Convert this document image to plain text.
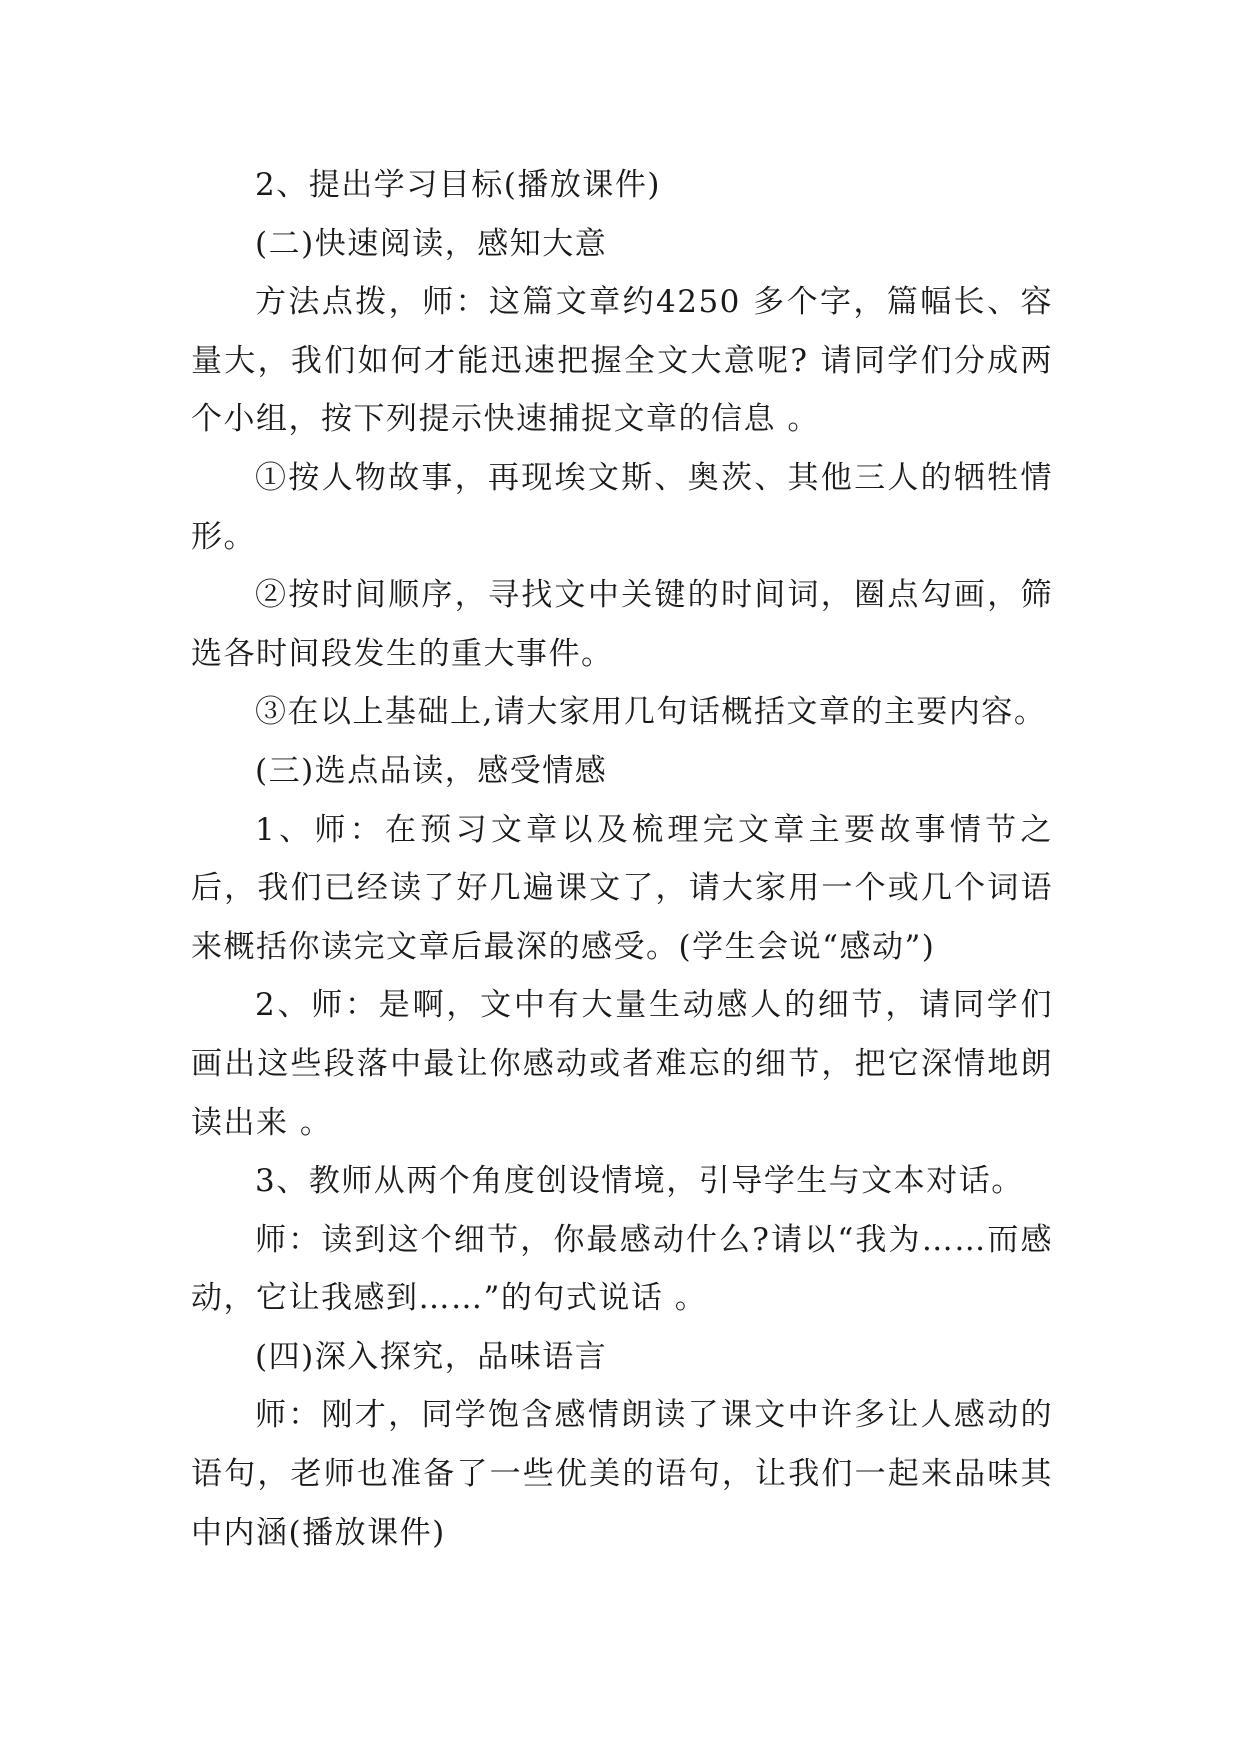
2、提出学习目标(播放课件)

(二)快速阅读，感知大意

方法点拨，师：这篇文章约4250 多个字，篇幅长、容量大，我们如何才能迅速把握全文大意呢? 请同学们分成两个小组，按下列提示快速捕捉文章的信息 。

①按人物故事，再现埃文斯、奥茨、其他三人的牺牲情形。

②按时间顺序，寻找文中关键的时间词，圈点勾画，筛选各时间段发生的重大事件。

③在以上基础上,请大家用几句话概括文章的主要内容。

(三)选点品读，感受情感

1、师：在预习文章以及梳理完文章主要故事情节之后，我们已经读了好几遍课文了，请大家用一个或几个词语来概括你读完文章后最深的感受。(学生会说“感动”)

2、师：是啊，文中有大量生动感人的细节，请同学们画出这些段落中最让你感动或者难忘的细节，把它深情地朗读出来 。

3、教师从两个角度创设情境，引导学生与文本对话。

师：读到这个细节，你最感动什么?请以“我为……而感动，它让我感到……”的句式说话 。

(四)深入探究，品味语言

师：刚才，同学饱含感情朗读了课文中许多让人感动的语句，老师也准备了一些优美的语句，让我们一起来品味其中内涵(播放课件)
